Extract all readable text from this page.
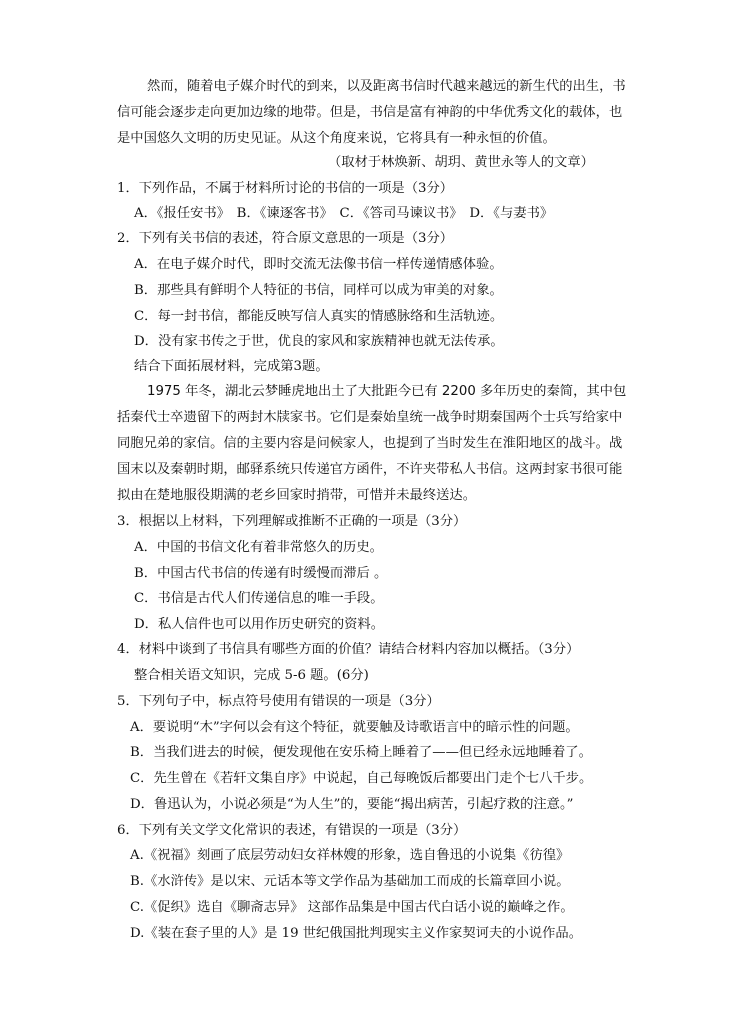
然而，随着电子媒介时代的到来，以及距离书信时代越来越远的新生代的出生，书
信可能会逐步走向更加边缘的地带。但是，书信是富有神韵的中华优秀文化的载体，也
是中国悠久文明的历史见证。从这个角度来说，它将具有一种永恒的价值。
（取材于林焕新、胡玥、黄世永等人的文章）
1．下列作品，不属于材料所讨论的书信的一项是（3分）
A．《报任安书》　B．《谏逐客书》　C．《答司马谏议书》　D．《与妻书》
2．下列有关书信的表述，符合原文意思的一项是（3分）
A．在电子媒介时代，即时交流无法像书信一样传递情感体验。
B．那些具有鲜明个人特征的书信，同样可以成为审美的对象。
C．每一封书信，都能反映写信人真实的情感脉络和生活轨迹。
D．没有家书传之于世，优良的家风和家族精神也就无法传承。
结合下面拓展材料，完成第3题。
1975 年冬，湖北云梦睡虎地出土了大批距今已有 2200 多年历史的秦简，其中包
括秦代士卒遗留下的两封木牍家书。它们是秦始皇统一战争时期秦国两个士兵写给家中
同胞兄弟的家信。信的主要内容是问候家人，也提到了当时发生在淮阳地区的战斗。战
国末以及秦朝时期，邮驿系统只传递官方函件，不许夹带私人书信。这两封家书很可能
拟由在楚地服役期满的老乡回家时捎带，可惜并未最终送达。
3．根据以上材料，下列理解或推断不正确的一项是（3分）
A．中国的书信文化有着非常悠久的历史。
B．中国古代书信的传递有时缓慢而滞后 。
C．书信是古代人们传递信息的唯一手段。
D．私人信件也可以用作历史研究的资料。
4．材料中谈到了书信具有哪些方面的价值？请结合材料内容加以概括。（3分）
整合相关语文知识，完成 5-6 题。(6分)
5．下列句子中，标点符号使用有错误的一项是（3分）
A．要说明“木”字何以会有这个特征，就要触及诗歌语言中的暗示性的问题。
B．当我们进去的时候，便发现他在安乐椅上睡着了——但已经永远地睡着了。
C．先生曾在《若轩文集自序》中说起，自己每晚饭后都要出门走个七八千步。
D．鲁迅认为，小说必须是“为人生”的，要能“揭出病苦，引起疗救的注意。”
6．下列有关文学文化常识的表述，有错误的一项是（3分）
A.《祝福》刻画了底层劳动妇女祥林嫂的形象，选自鲁迅的小说集《彷徨》
B.《水浒传》是以宋、元话本等文学作品为基础加工而成的长篇章回小说。
C.《促织》选自《聊斋志异》 这部作品集是中国古代白话小说的巅峰之作。
D.《装在套子里的人》是 19 世纪俄国批判现实主义作家契诃夫的小说作品。
